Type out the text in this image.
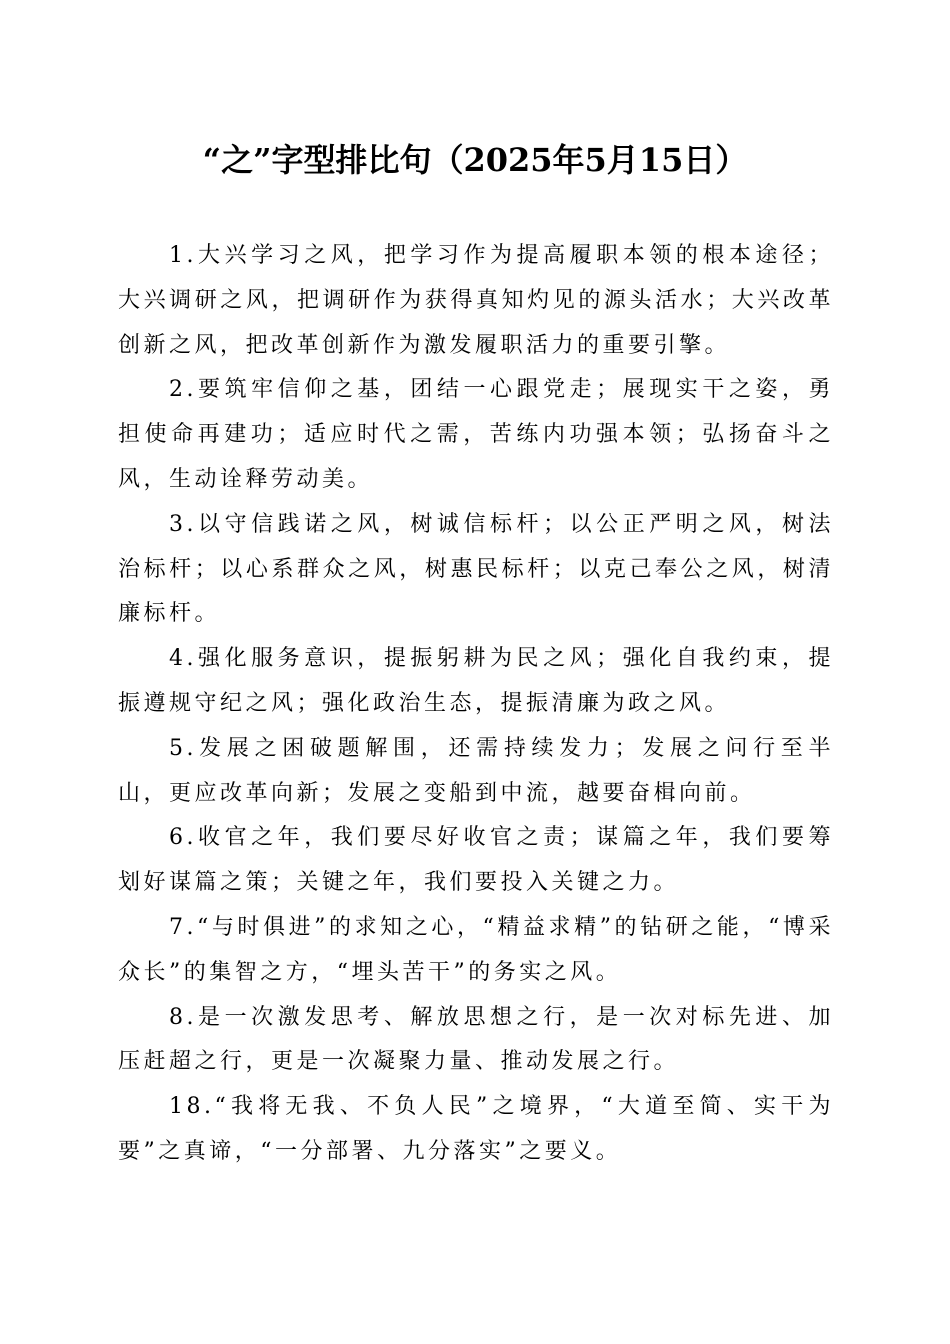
“之”字型排比句（2025年5月15日）

1.大兴学习之风，把学习作为提高履职本领的根本途径；大兴调研之风，把调研作为获得真知灼见的源头活水；大兴改革创新之风，把改革创新作为激发履职活力的重要引擎。

2.要筑牢信仰之基，团结一心跟党走；展现实干之姿，勇担使命再建功；适应时代之需，苦练内功强本领；弘扬奋斗之风，生动诠释劳动美。

3.以守信践诺之风，树诚信标杆；以公正严明之风，树法治标杆；以心系群众之风，树惠民标杆；以克己奉公之风，树清廉标杆。

4.强化服务意识，提振躬耕为民之风；强化自我约束，提振遵规守纪之风；强化政治生态，提振清廉为政之风。

5.发展之困破题解围，还需持续发力；发展之问行至半山，更应改革向新；发展之变船到中流，越要奋楫向前。

6.收官之年，我们要尽好收官之责；谋篇之年，我们要筹划好谋篇之策；关键之年，我们要投入关键之力。

7.“与时俱进”的求知之心，“精益求精”的钻研之能，“博采众长”的集智之方，“埋头苦干”的务实之风。

8.是一次激发思考、解放思想之行，是一次对标先进、加压赶超之行，更是一次凝聚力量、推动发展之行。

18.“我将无我、不负人民”之境界，“大道至简、实干为要”之真谛，“一分部署、九分落实”之要义。
